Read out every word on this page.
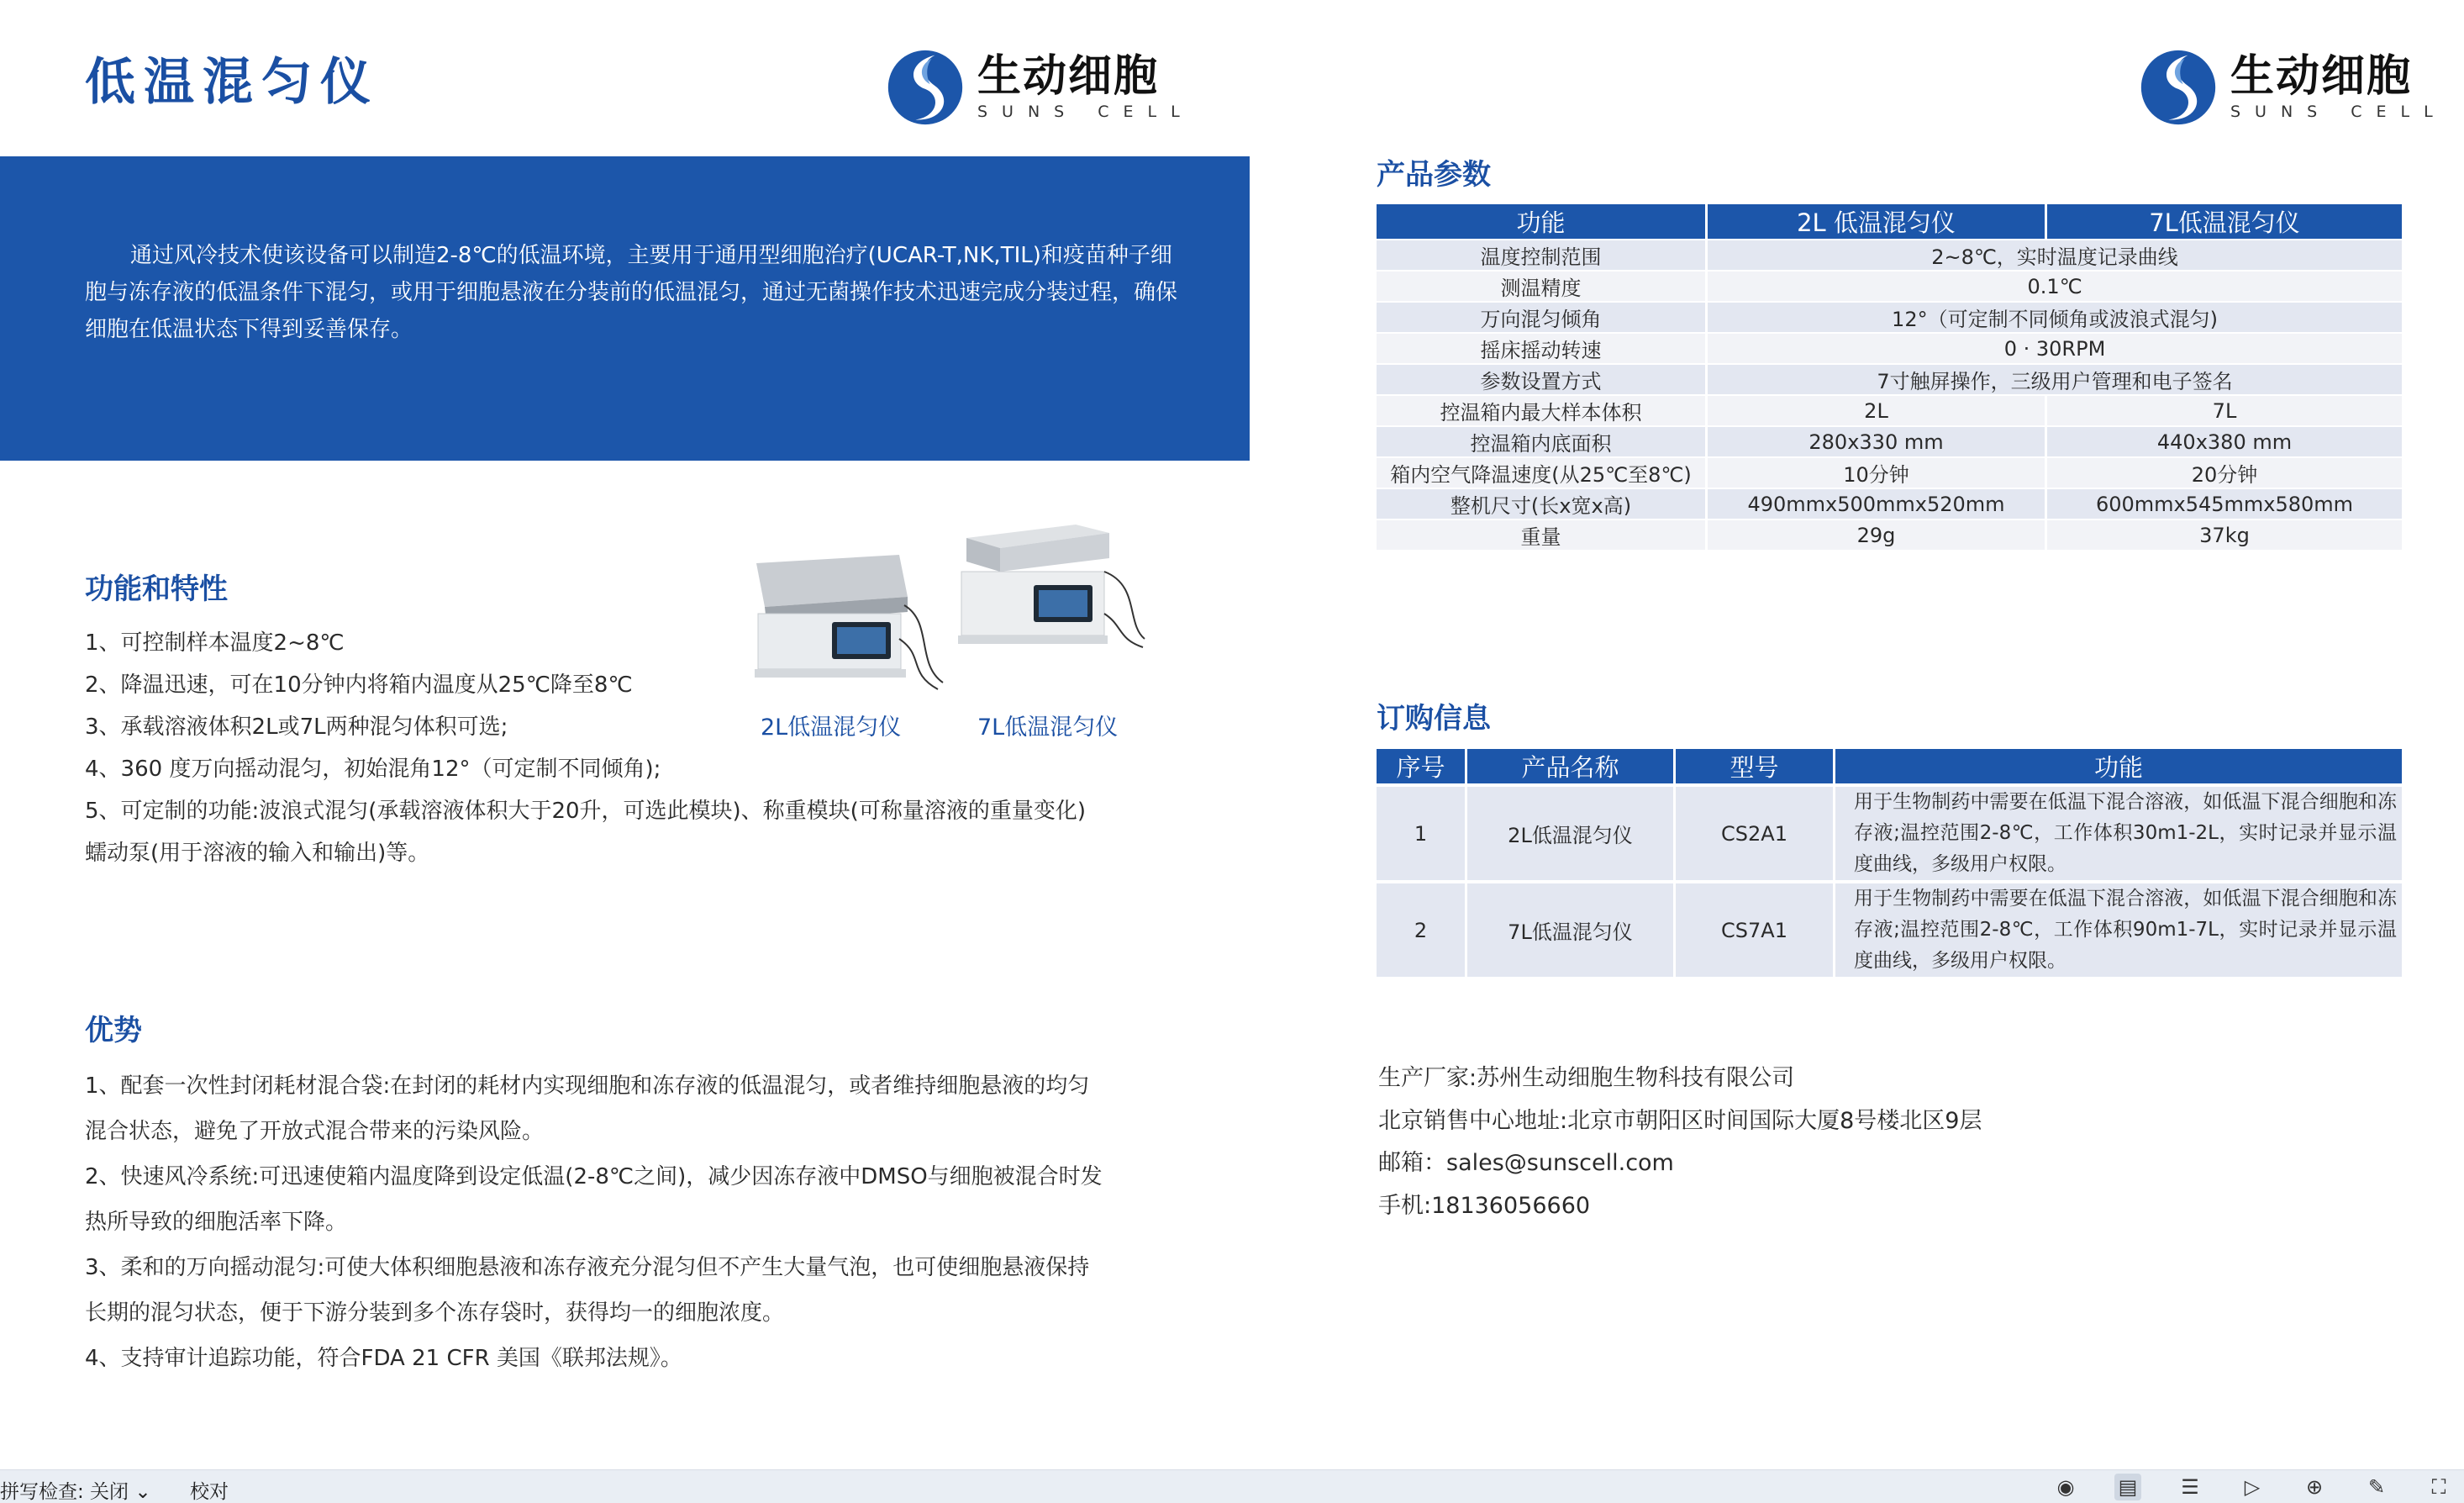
低温混匀仪	生动细胞
SUNS CELL

通过风冷技术使该设备可以制造2-8℃的低温环境，主要用于通用型细胞治疗(UCAR-T,NK,TIL)和疫苗种子细胞与冻存液的低温条件下混匀，或用于细胞悬液在分装前的低温混匀，通过无菌操作技术迅速完成分装过程，确保细胞在低温状态下得到妥善保存。

功能和特性

1、可控制样本温度2~8℃

2、降温迅速，可在10分钟内将箱内温度从25℃降至8℃

3、承载溶液体积2L或7L两种混匀体积可选;

4、360 度万向摇动混匀，初始混角12°（可定制不同倾角);

5、可定制的功能:波浪式混匀(承载溶液体积大于20升，可选此模块)、称重模块(可称量溶液的重量变化)

蠕动泵(用于溶液的输入和输出)等。

2L低温混匀仪	7L低温混匀仪
优势

1、配套一次性封闭耗材混合袋:在封闭的耗材内实现细胞和冻存液的低温混匀，或者维持细胞悬液的均匀

混合状态，避免了开放式混合带来的污染风险。

2、快速风冷系统:可迅速使箱内温度降到设定低温(2-8℃之间)，减少因冻存液中DMSO与细胞被混合时发

热所导致的细胞活率下降。

3、柔和的万向摇动混匀:可使大体积细胞悬液和冻存液充分混匀但不产生大量气泡，也可使细胞悬液保持

长期的混匀状态，便于下游分装到多个冻存袋时，获得均一的细胞浓度。

4、支持审计追踪功能，符合FDA 21 CFR 美国《联邦法规》。

生动细胞
SUNS CELL
产品参数
功能	2L 低温混匀仪	7L低温混匀仪
温度控制范围	2~8℃，实时温度记录曲线	
测温精度	0.1℃	
万向混匀倾角	12°（可定制不同倾角或波浪式混匀)	
摇床摇动转速	0 · 30RPM	
参数设置方式	7寸触屏操作，三级用户管理和电子签名	
控温箱内最大样本体积	2L	7L
控温箱内底面积	280x330 mm	440x380 mm
箱内空气降温速度(从25℃至8℃)	10分钟	20分钟
整机尺寸(长x宽x高)	490mmx500mmx520mm	600mmx545mmx580mm
重量	29g	37kg
订购信息
序号	产品名称	型号	功能
1	2L低温混匀仪	CS2A1	用于生物制药中需要在低温下混合溶液，如低温下混合细胞和冻存液;温控范围2-8℃，工作体积30m1-2L，实时记录并显示温度曲线，多级用户权限。
2	7L低温混匀仪	CS7A1	用于生物制药中需要在低温下混合溶液，如低温下混合细胞和冻存液;温控范围2-8℃，工作体积90m1-7L，实时记录并显示温度曲线，多级用户权限。

生产厂家:苏州生动细胞生物科技有限公司

北京销售中心地址:北京市朝阳区时间国际大厦8号楼北区9层

邮箱：sales@sunscell.com

手机:18136056660

拼写检查: 关闭 ⌄ 校对	◉ ▤ ☰ ▷ ⊕ ✎	⛶
